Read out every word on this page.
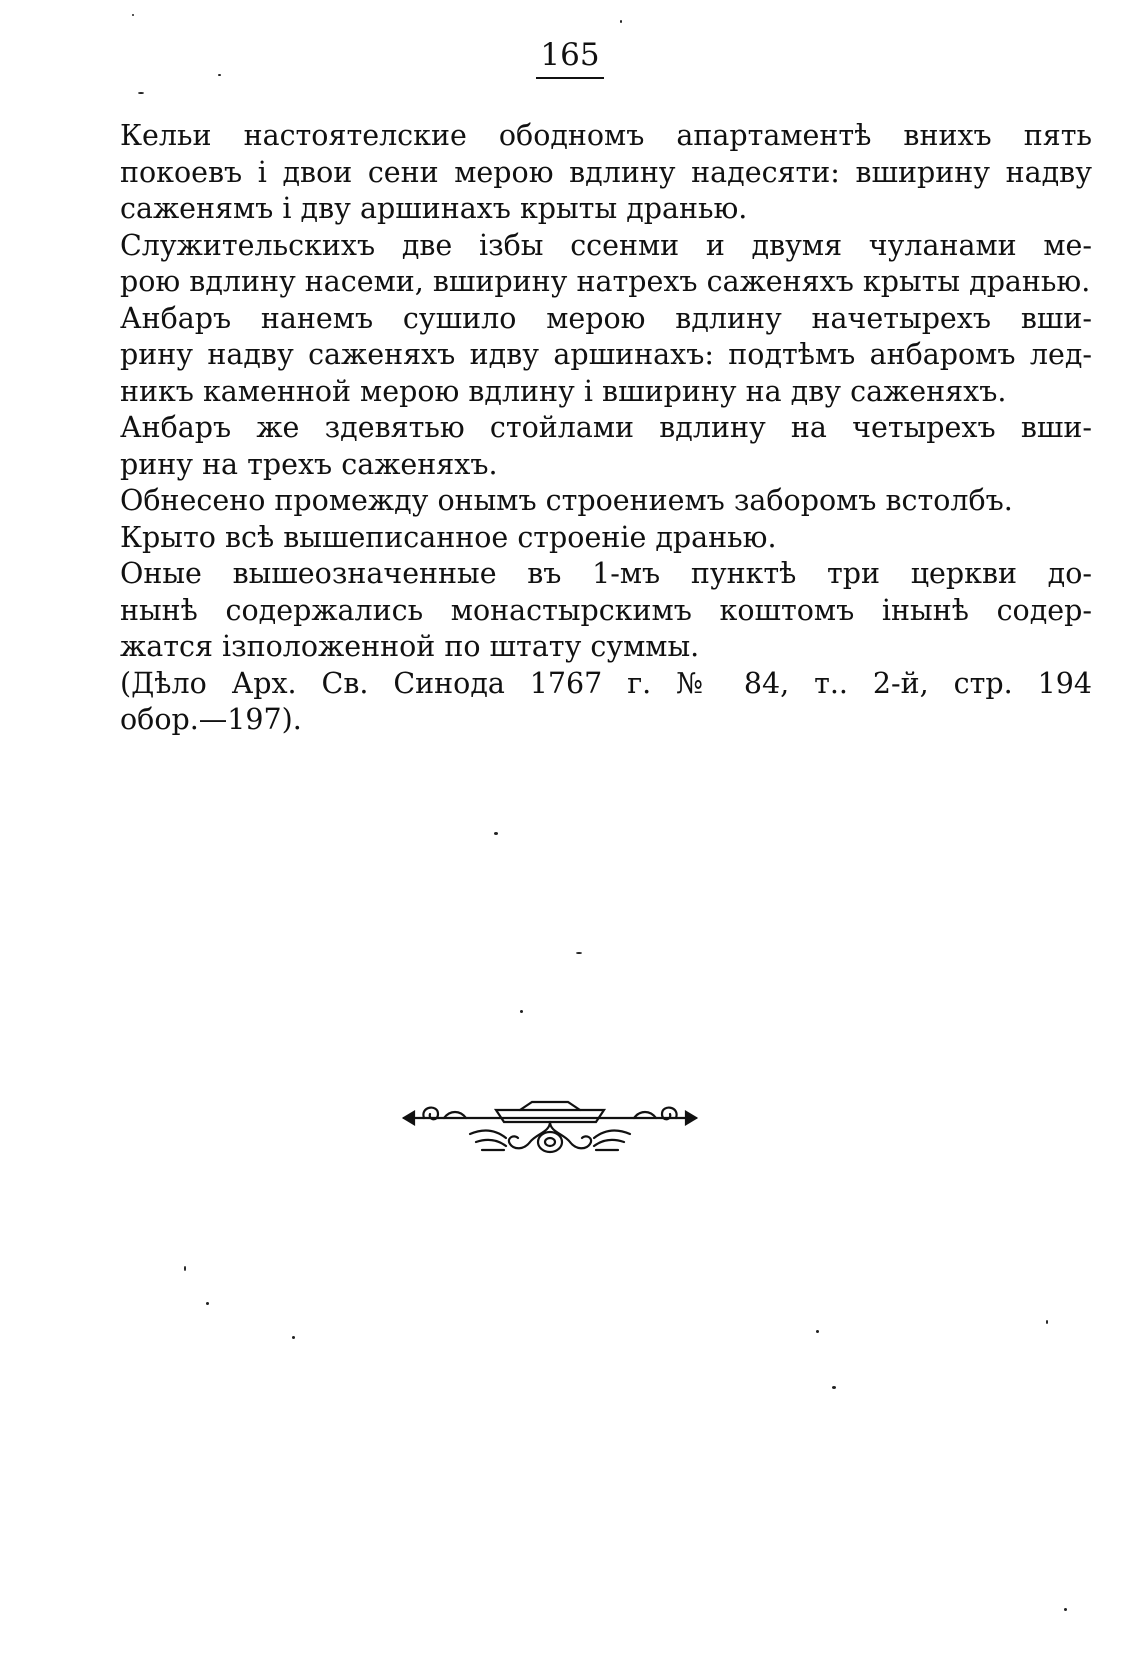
165

Кельи настоятелские ободномъ апартаментѣ внихъ пять
покоевъ і двои сени мерою вдлину надесяти: вширину надву
саженямъ і дву аршинахъ крыты дранью.

Служительскихъ две ізбы ссенми и двумя чуланами ме-
рою вдлину насеми, вширину натрехъ саженяхъ крыты дранью.

Анбаръ нанемъ сушило мерою вдлину начетырехъ вши-
рину надву саженяхъ идву аршинахъ: подтѣмъ анбаромъ лед-
никъ каменной мерою вдлину і вширину на дву саженяхъ.

Анбаръ же здевятью стойлами вдлину на четырехъ вши-
рину на трехъ саженяхъ.

Обнесено промежду онымъ строениемъ заборомъ встолбъ.

Крыто всѣ вышеписанное строеніе дранью.

Оные вышеозначенные въ 1-мъ пунктѣ три церкви до-
нынѣ содержались монастырскимъ коштомъ інынѣ содер-
жатся ізположенной по штату суммы.

(Дѣло Арх. Св. Синода 1767 г. № 84, т.. 2-й, стр. 194
обор.—197).
